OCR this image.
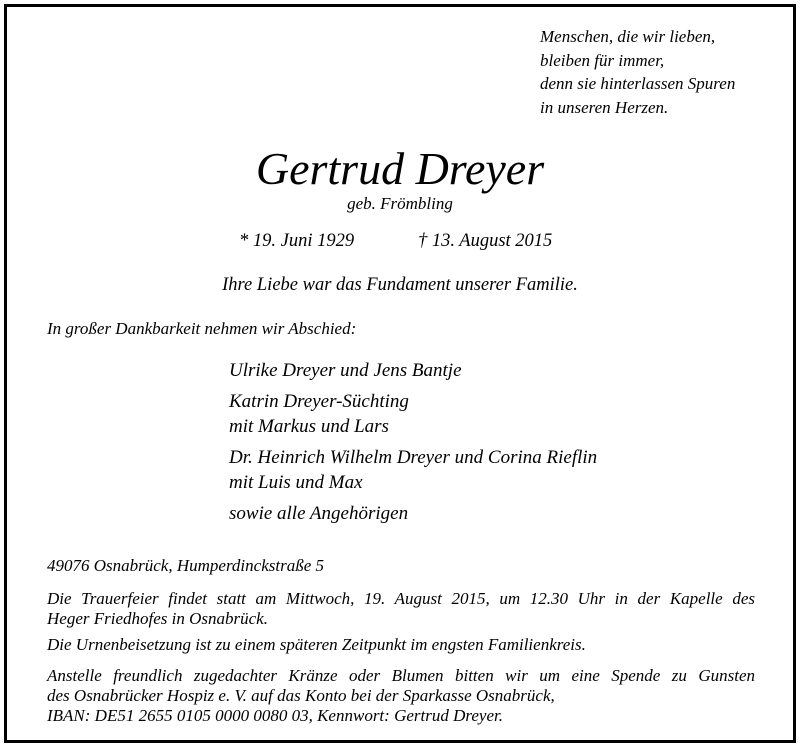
Menschen, die wir lieben,
bleiben für immer,
denn sie hinterlassen Spuren
in unseren Herzen.
Gertrud Dreyer
geb. Frömbling
* 19. Juni 1929	† 13. August 2015
Ihre Liebe war das Fundament unserer Familie.
In großer Dankbarkeit nehmen wir Abschied:
Ulrike Dreyer und Jens Bantje
Katrin Dreyer-Süchting
mit Markus und Lars
Dr. Heinrich Wilhelm Dreyer und Corina Rieflin
mit Luis und Max
sowie alle Angehörigen
49076 Osnabrück, Humperdinckstraße 5
Die Trauerfeier findet statt am Mittwoch, 19. August 2015, um 12.30 Uhr in der Kapelle des
Heger Friedhofes in Osnabrück.
Die Urnenbeisetzung ist zu einem späteren Zeitpunkt im engsten Familienkreis.
Anstelle freundlich zugedachter Kränze oder Blumen bitten wir um eine Spende zu Gunsten
des Osnabrücker Hospiz e. V. auf das Konto bei der Sparkasse Osnabrück,
IBAN: DE51 2655 0105 0000 0080 03, Kennwort: Gertrud Dreyer.
